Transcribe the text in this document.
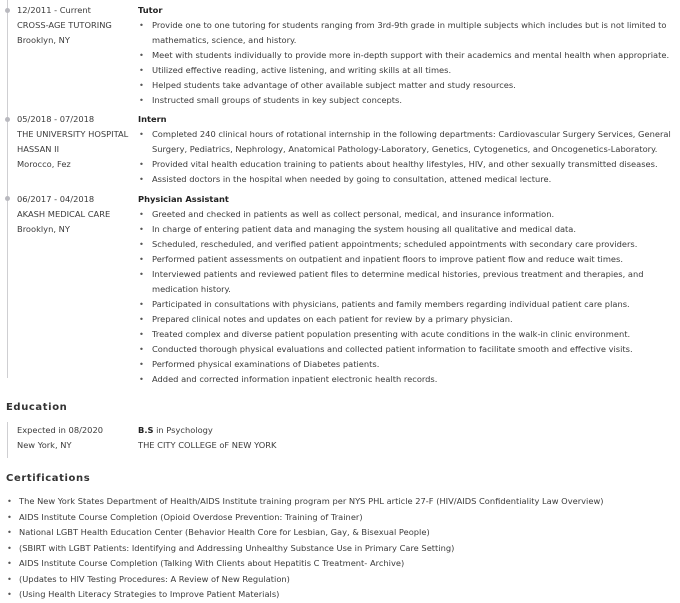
12/2011 - Current
CROSS-AGE TUTORING
Brooklyn, NY
Tutor
• Provide one to one tutoring for students ranging from 3rd-9th grade in multiple subjects which includes but is not limited to mathematics, science, and history.
• Meet with students individually to provide more in-depth support with their academics and mental health when appropriate.
• Utilized effective reading, active listening, and writing skills at all times.
• Helped students take advantage of other available subject matter and study resources.
• Instructed small groups of students in key subject concepts.
05/2018 - 07/2018
THE UNIVERSITY HOSPITAL HASSAN II
Morocco, Fez
Intern
• Completed 240 clinical hours of rotational internship in the following departments: Cardiovascular Surgery Services, General Surgery, Pediatrics, Nephrology, Anatomical Pathology-Laboratory, Genetics, Cytogenetics, and Oncogenetics-Laboratory.
• Provided vital health education training to patients about healthy lifestyles, HIV, and other sexually transmitted diseases.
• Assisted doctors in the hospital when needed by going to consultation, attened medical lecture.
06/2017 - 04/2018
AKASH MEDICAL CARE
Brooklyn, NY
Physician Assistant
• Greeted and checked in patients as well as collect personal, medical, and insurance information.
• In charge of entering patient data and managing the system housing all qualitative and medical data.
• Scheduled, rescheduled, and verified patient appointments; scheduled appointments with secondary care providers.
• Performed patient assessments on outpatient and inpatient floors to improve patient flow and reduce wait times.
• Interviewed patients and reviewed patient files to determine medical histories, previous treatment and therapies, and medication history.
• Participated in consultations with physicians, patients and family members regarding individual patient care plans.
• Prepared clinical notes and updates on each patient for review by a primary physician.
• Treated complex and diverse patient population presenting with acute conditions in the walk-in clinic environment.
• Conducted thorough physical evaluations and collected patient information to facilitate smooth and effective visits.
• Performed physical examinations of Diabetes patients.
• Added and corrected information inpatient electronic health records.
Education
Expected in 08/2020
New York, NY
B.S in Psychology
THE CITY COLLEGE oF NEW YORK
Certifications
• The New York States Department of Health/AIDS Institute training program per NYS PHL article 27-F (HIV/AIDS Confidentiality Law Overview)
• AIDS Institute Course Completion (Opioid Overdose Prevention: Training of Trainer)
• National LGBT Health Education Center (Behavior Health Core for Lesbian, Gay, & Bisexual People)
• (SBIRT with LGBT Patients: Identifying and Addressing Unhealthy Substance Use in Primary Care Setting)
• AIDS Institute Course Completion (Talking With Clients about Hepatitis C Treatment- Archive)
• (Updates to HIV Testing Procedures: A Review of New Regulation)
• (Using Health Literacy Strategies to Improve Patient Materials)
